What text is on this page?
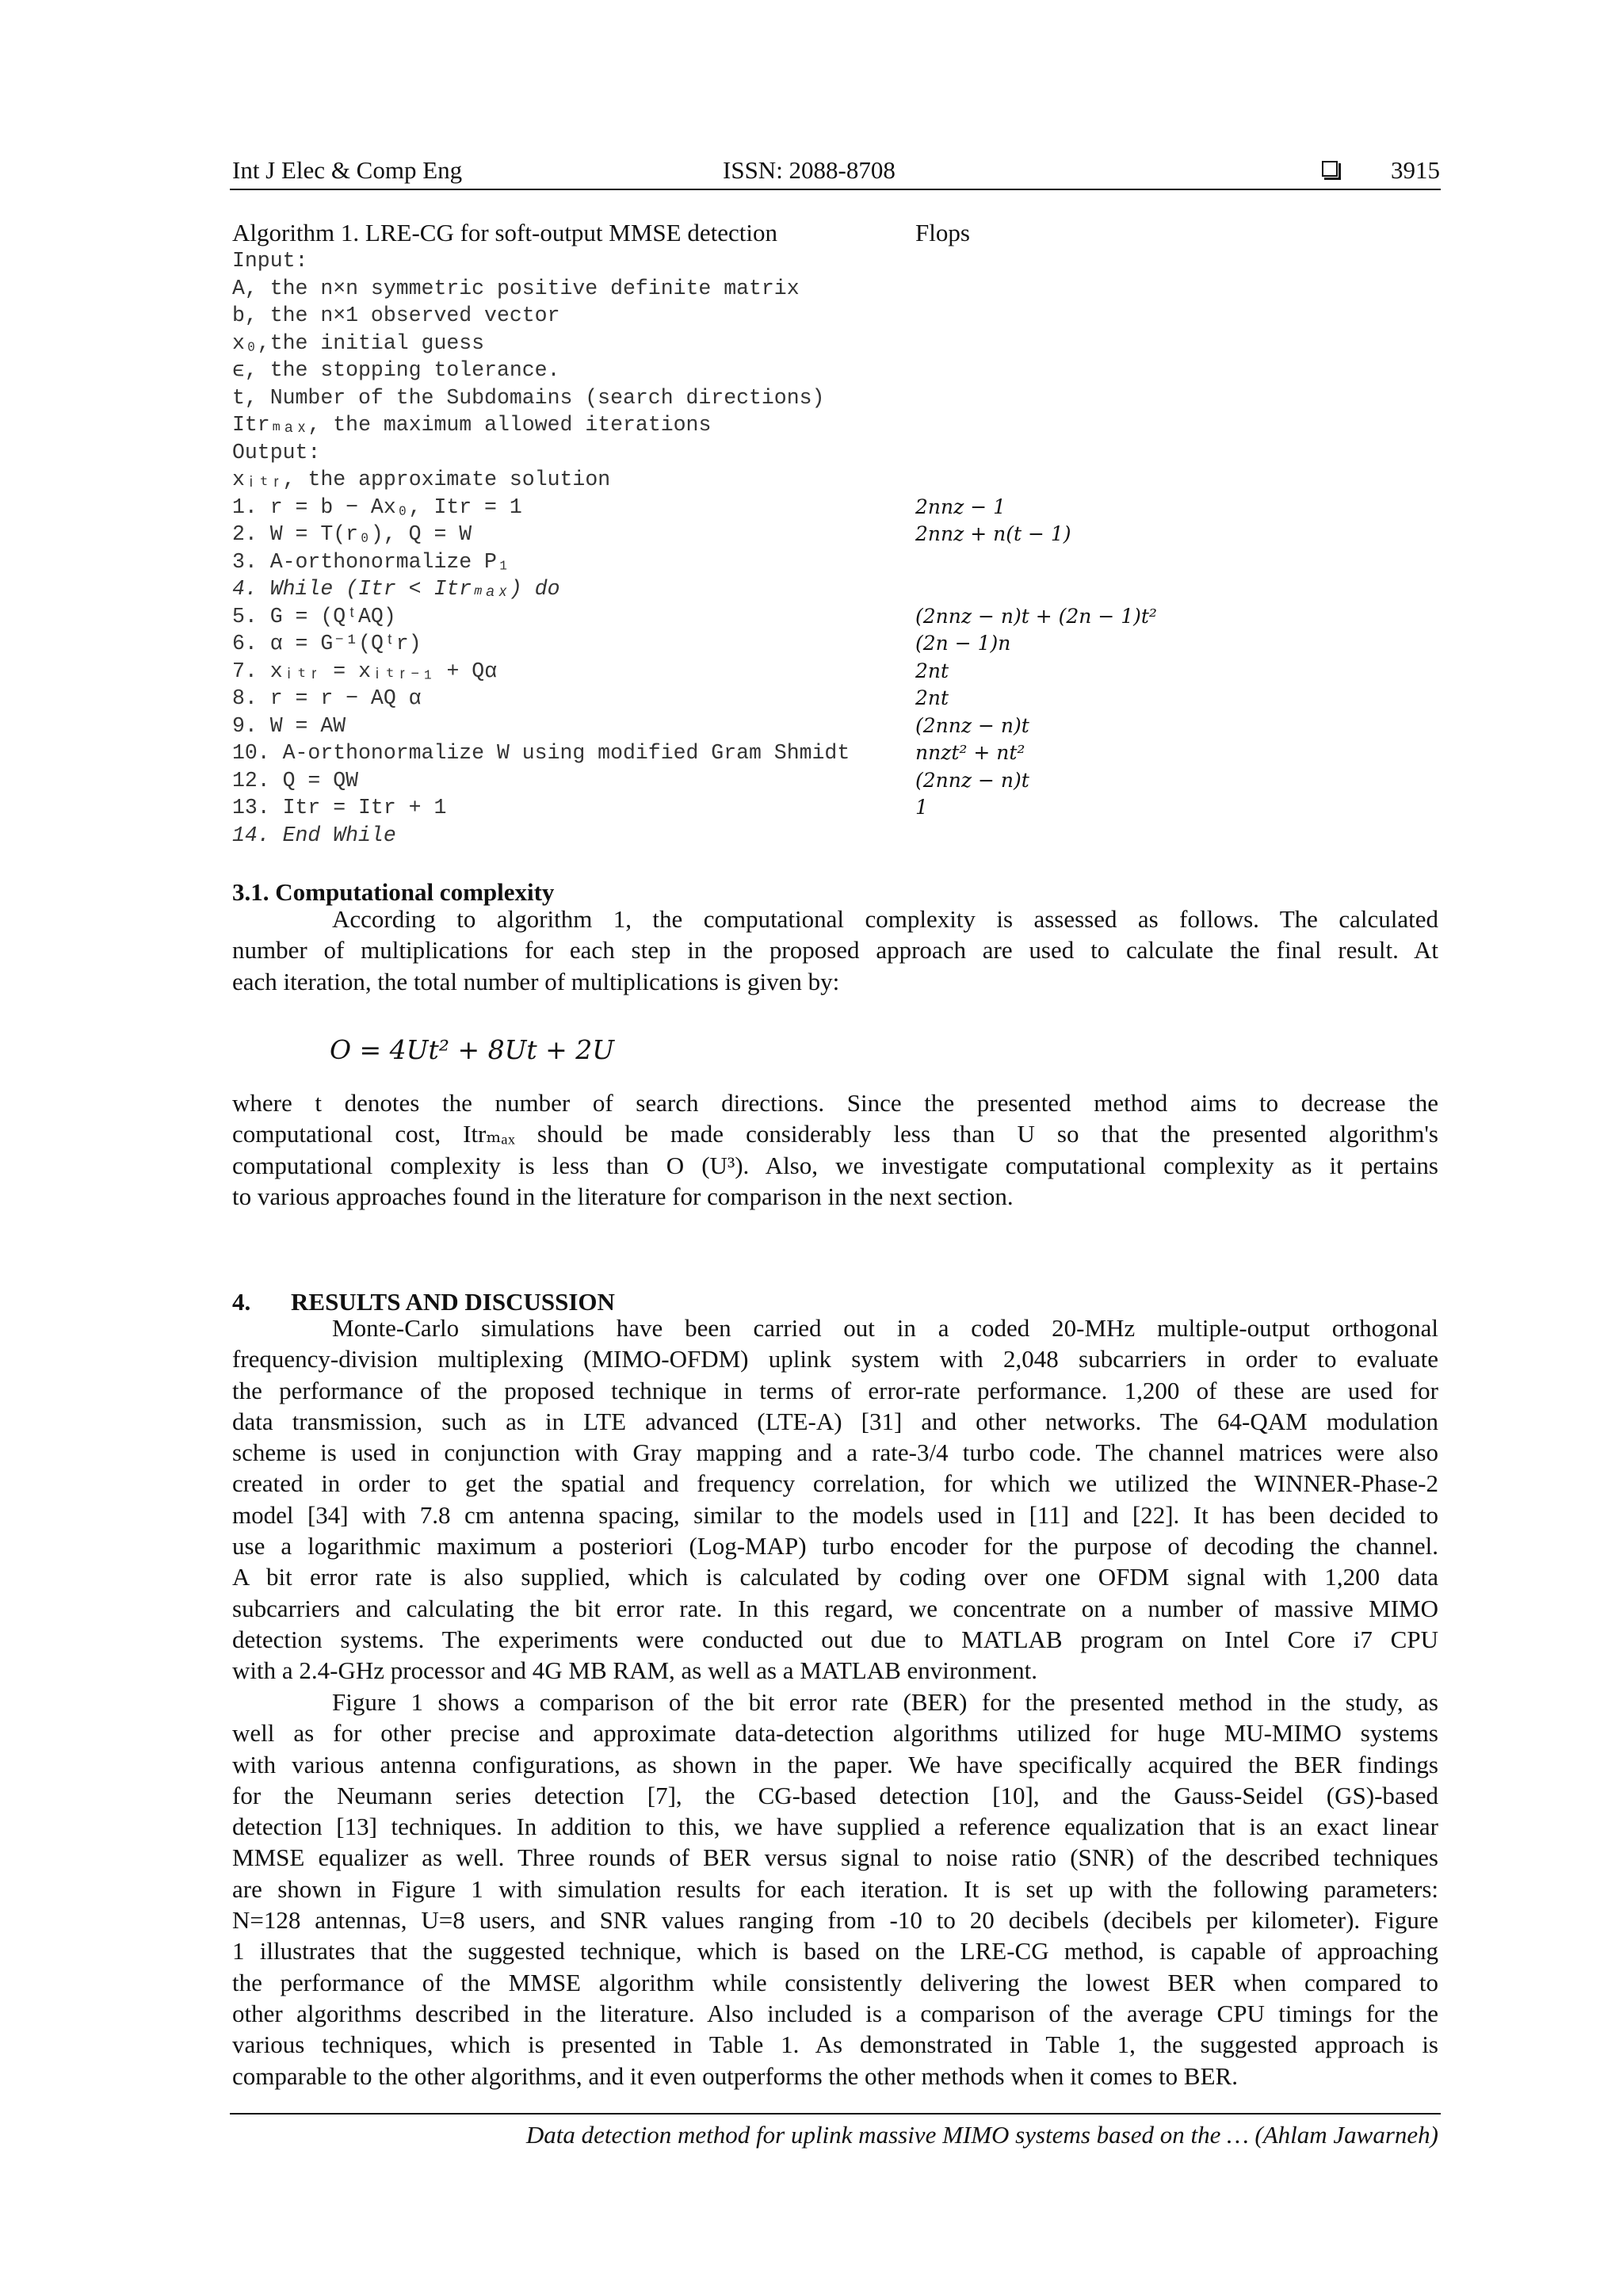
Int J Elec & Comp Eng	ISSN: 2088-8708	3915
Algorithm 1. LRE-CG for soft-output MMSE detection	Flops
Input:
A, the n×n symmetric positive definite matrix
b, the n×1 observed vector
x₀,the initial guess
ϵ, the stopping tolerance.
t, Number of the Subdomains (search directions)
Itrₘₐₓ, the maximum allowed iterations
Output:
xᵢₜᵣ, the approximate solution
1. r = b − Ax₀, Itr = 1	2nnz − 1
2. W = T(r₀), Q = W	2nnz + n(t − 1)
3. A-orthonormalize P₁
4. While (Itr < Itrₘₐₓ) do
5. G = (QᵗAQ)	(2nnz − n)t + (2n − 1)t²
6. α = G⁻¹(Qᵗr)	(2n − 1)n
7. xᵢₜᵣ = xᵢₜᵣ₋₁ + Qα	2nt
8. r = r − AQ α	2nt
9. W = AW	(2nnz − n)t
10. A-orthonormalize W using modified Gram Shmidt	nnzt² + nt²
12. Q = QW	(2nnz − n)t
13. Itr = Itr + 1	1
14. End While
3.1. Computational complexity
According to algorithm 1, the computational complexity is assessed as follows. The calculated
number of multiplications for each step in the proposed approach are used to calculate the final result. At
each iteration, the total number of multiplications is given by:
O = 4Ut² + 8Ut + 2U
where t denotes the number of search directions. Since the presented method aims to decrease the
computational cost, Itrₘₐₓ should be made considerably less than U so that the presented algorithm's
computational complexity is less than O (U³). Also, we investigate computational complexity as it pertains
to various approaches found in the literature for comparison in the next section.
4. RESULTS AND DISCUSSION
Monte-Carlo simulations have been carried out in a coded 20-MHz multiple-output orthogonal
frequency-division multiplexing (MIMO-OFDM) uplink system with 2,048 subcarriers in order to evaluate
the performance of the proposed technique in terms of error-rate performance. 1,200 of these are used for
data transmission, such as in LTE advanced (LTE-A) [31] and other networks. The 64-QAM modulation
scheme is used in conjunction with Gray mapping and a rate-3/4 turbo code. The channel matrices were also
created in order to get the spatial and frequency correlation, for which we utilized the WINNER-Phase-2
model [34] with 7.8 cm antenna spacing, similar to the models used in [11] and [22]. It has been decided to
use a logarithmic maximum a posteriori (Log-MAP) turbo encoder for the purpose of decoding the channel.
A bit error rate is also supplied, which is calculated by coding over one OFDM signal with 1,200 data
subcarriers and calculating the bit error rate. In this regard, we concentrate on a number of massive MIMO
detection systems. The experiments were conducted out due to MATLAB program on Intel Core i7 CPU
with a 2.4-GHz processor and 4G MB RAM, as well as a MATLAB environment.
Figure 1 shows a comparison of the bit error rate (BER) for the presented method in the study, as
well as for other precise and approximate data-detection algorithms utilized for huge MU-MIMO systems
with various antenna configurations, as shown in the paper. We have specifically acquired the BER findings
for the Neumann series detection [7], the CG-based detection [10], and the Gauss-Seidel (GS)-based
detection [13] techniques. In addition to this, we have supplied a reference equalization that is an exact linear
MMSE equalizer as well. Three rounds of BER versus signal to noise ratio (SNR) of the described techniques
are shown in Figure 1 with simulation results for each iteration. It is set up with the following parameters:
N=128 antennas, U=8 users, and SNR values ranging from -10 to 20 decibels (decibels per kilometer). Figure
1 illustrates that the suggested technique, which is based on the LRE-CG method, is capable of approaching
the performance of the MMSE algorithm while consistently delivering the lowest BER when compared to
other algorithms described in the literature. Also included is a comparison of the average CPU timings for the
various techniques, which is presented in Table 1. As demonstrated in Table 1, the suggested approach is
comparable to the other algorithms, and it even outperforms the other methods when it comes to BER.
Data detection method for uplink massive MIMO systems based on the … (Ahlam Jawarneh)
